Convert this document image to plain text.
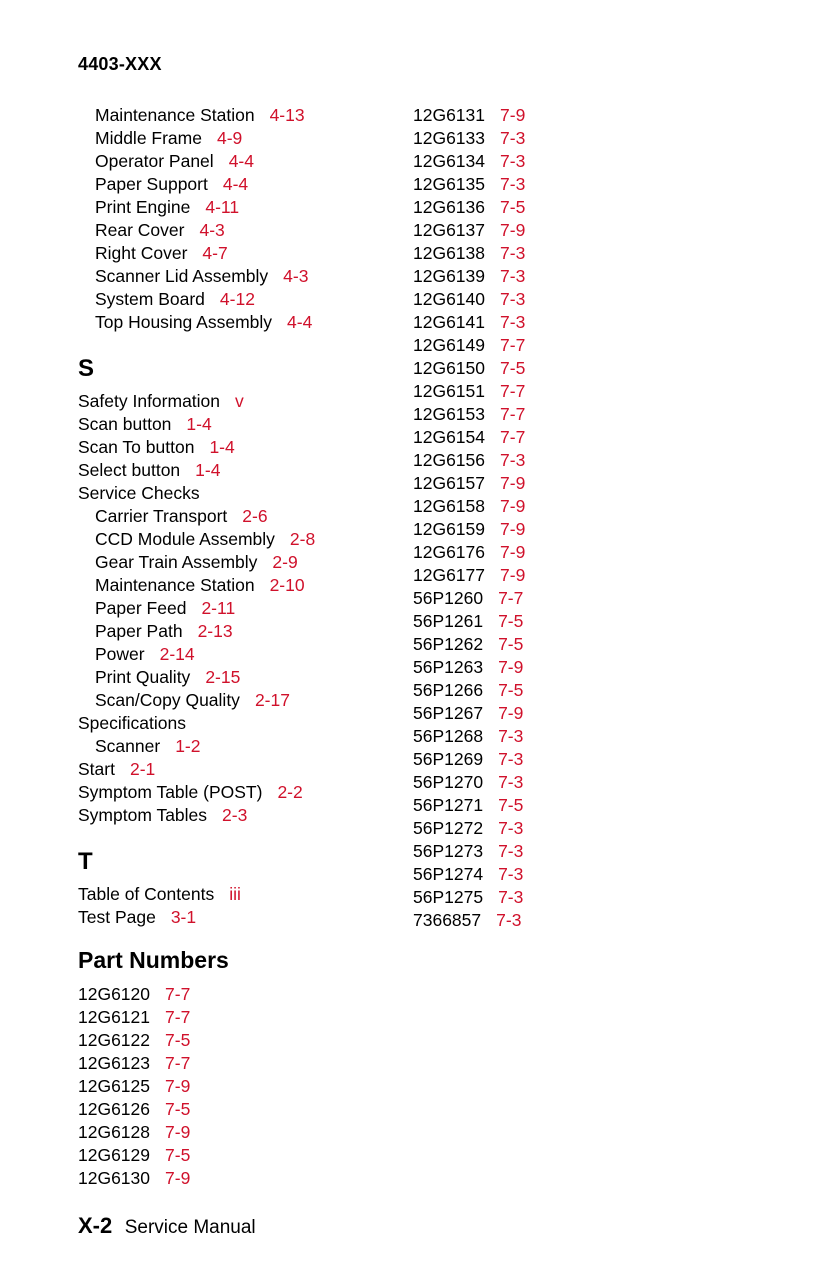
4403-XXX
Maintenance Station 4-13
Middle Frame 4-9
Operator Panel 4-4
Paper Support 4-4
Print Engine 4-11
Rear Cover 4-3
Right Cover 4-7
Scanner Lid Assembly 4-3
System Board 4-12
Top Housing Assembly 4-4
S
Safety Information v
Scan button 1-4
Scan To button 1-4
Select button 1-4
Service Checks
Carrier Transport 2-6
CCD Module Assembly 2-8
Gear Train Assembly 2-9
Maintenance Station 2-10
Paper Feed 2-11
Paper Path 2-13
Power 2-14
Print Quality 2-15
Scan/Copy Quality 2-17
Specifications
Scanner 1-2
Start 2-1
Symptom Table (POST) 2-2
Symptom Tables 2-3
T
Table of Contents iii
Test Page 3-1
Part Numbers
12G6120 7-7
12G6121 7-7
12G6122 7-5
12G6123 7-7
12G6125 7-9
12G6126 7-5
12G6128 7-9
12G6129 7-5
12G6130 7-9
12G6131 7-9
12G6133 7-3
12G6134 7-3
12G6135 7-3
12G6136 7-5
12G6137 7-9
12G6138 7-3
12G6139 7-3
12G6140 7-3
12G6141 7-3
12G6149 7-7
12G6150 7-5
12G6151 7-7
12G6153 7-7
12G6154 7-7
12G6156 7-3
12G6157 7-9
12G6158 7-9
12G6159 7-9
12G6176 7-9
12G6177 7-9
56P1260 7-7
56P1261 7-5
56P1262 7-5
56P1263 7-9
56P1266 7-5
56P1267 7-9
56P1268 7-3
56P1269 7-3
56P1270 7-3
56P1271 7-5
56P1272 7-3
56P1273 7-3
56P1274 7-3
56P1275 7-3
7366857 7-3
X-2 Service Manual
